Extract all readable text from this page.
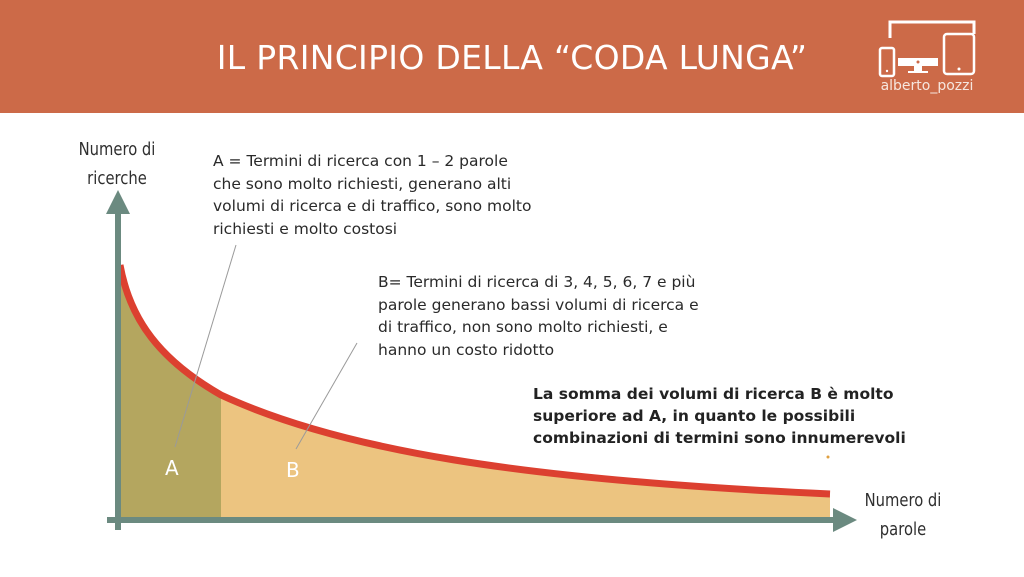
IL PRINCIPIO DELLA “CODA LUNGA”
alberto_pozzi
A	B
Numero di
ricerche
Numero di
parole
A = Termini di ricerca con 1 – 2 parole
che sono molto richiesti, generano alti
volumi di ricerca e di traffico, sono molto
richiesti e molto costosi
B= Termini di ricerca di 3, 4, 5, 6, 7 e più
parole generano bassi volumi di ricerca e
di traffico, non sono molto richiesti, e
hanno un costo ridotto
La somma dei volumi di ricerca B è molto
superiore ad A, in quanto le possibili
combinazioni di termini sono innumerevoli
